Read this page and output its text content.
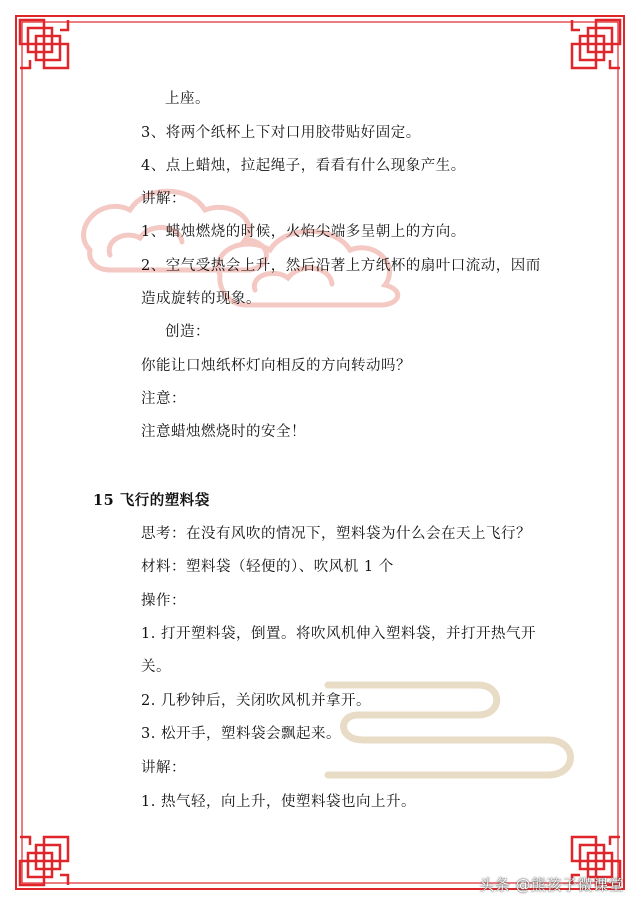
上座。
3、将两个纸杯上下对口用胶带贴好固定。
4、点上蜡烛，拉起绳子，看看有什么现象产生。
讲解：
1、蜡烛燃烧的时候，火焰尖端多呈朝上的方向。
2、空气受热会上升，然后沿著上方纸杯的扇叶口流动，因而
造成旋转的现象。
创造：
你能让口烛纸杯灯向相反的方向转动吗？
注意：
注意蜡烛燃烧时的安全！
15 飞行的塑料袋
思考：在没有风吹的情况下，塑料袋为什么会在天上飞行？
材料：塑料袋（轻便的）、吹风机 1 个
操作：
1. 打开塑料袋，倒置。将吹风机伸入塑料袋，并打开热气开
关。
2. 几秒钟后，关闭吹风机并拿开。
3. 松开手，塑料袋会飘起来。
讲解：
1. 热气轻，向上升，使塑料袋也向上升。
头条 @熊孩子微课堂
